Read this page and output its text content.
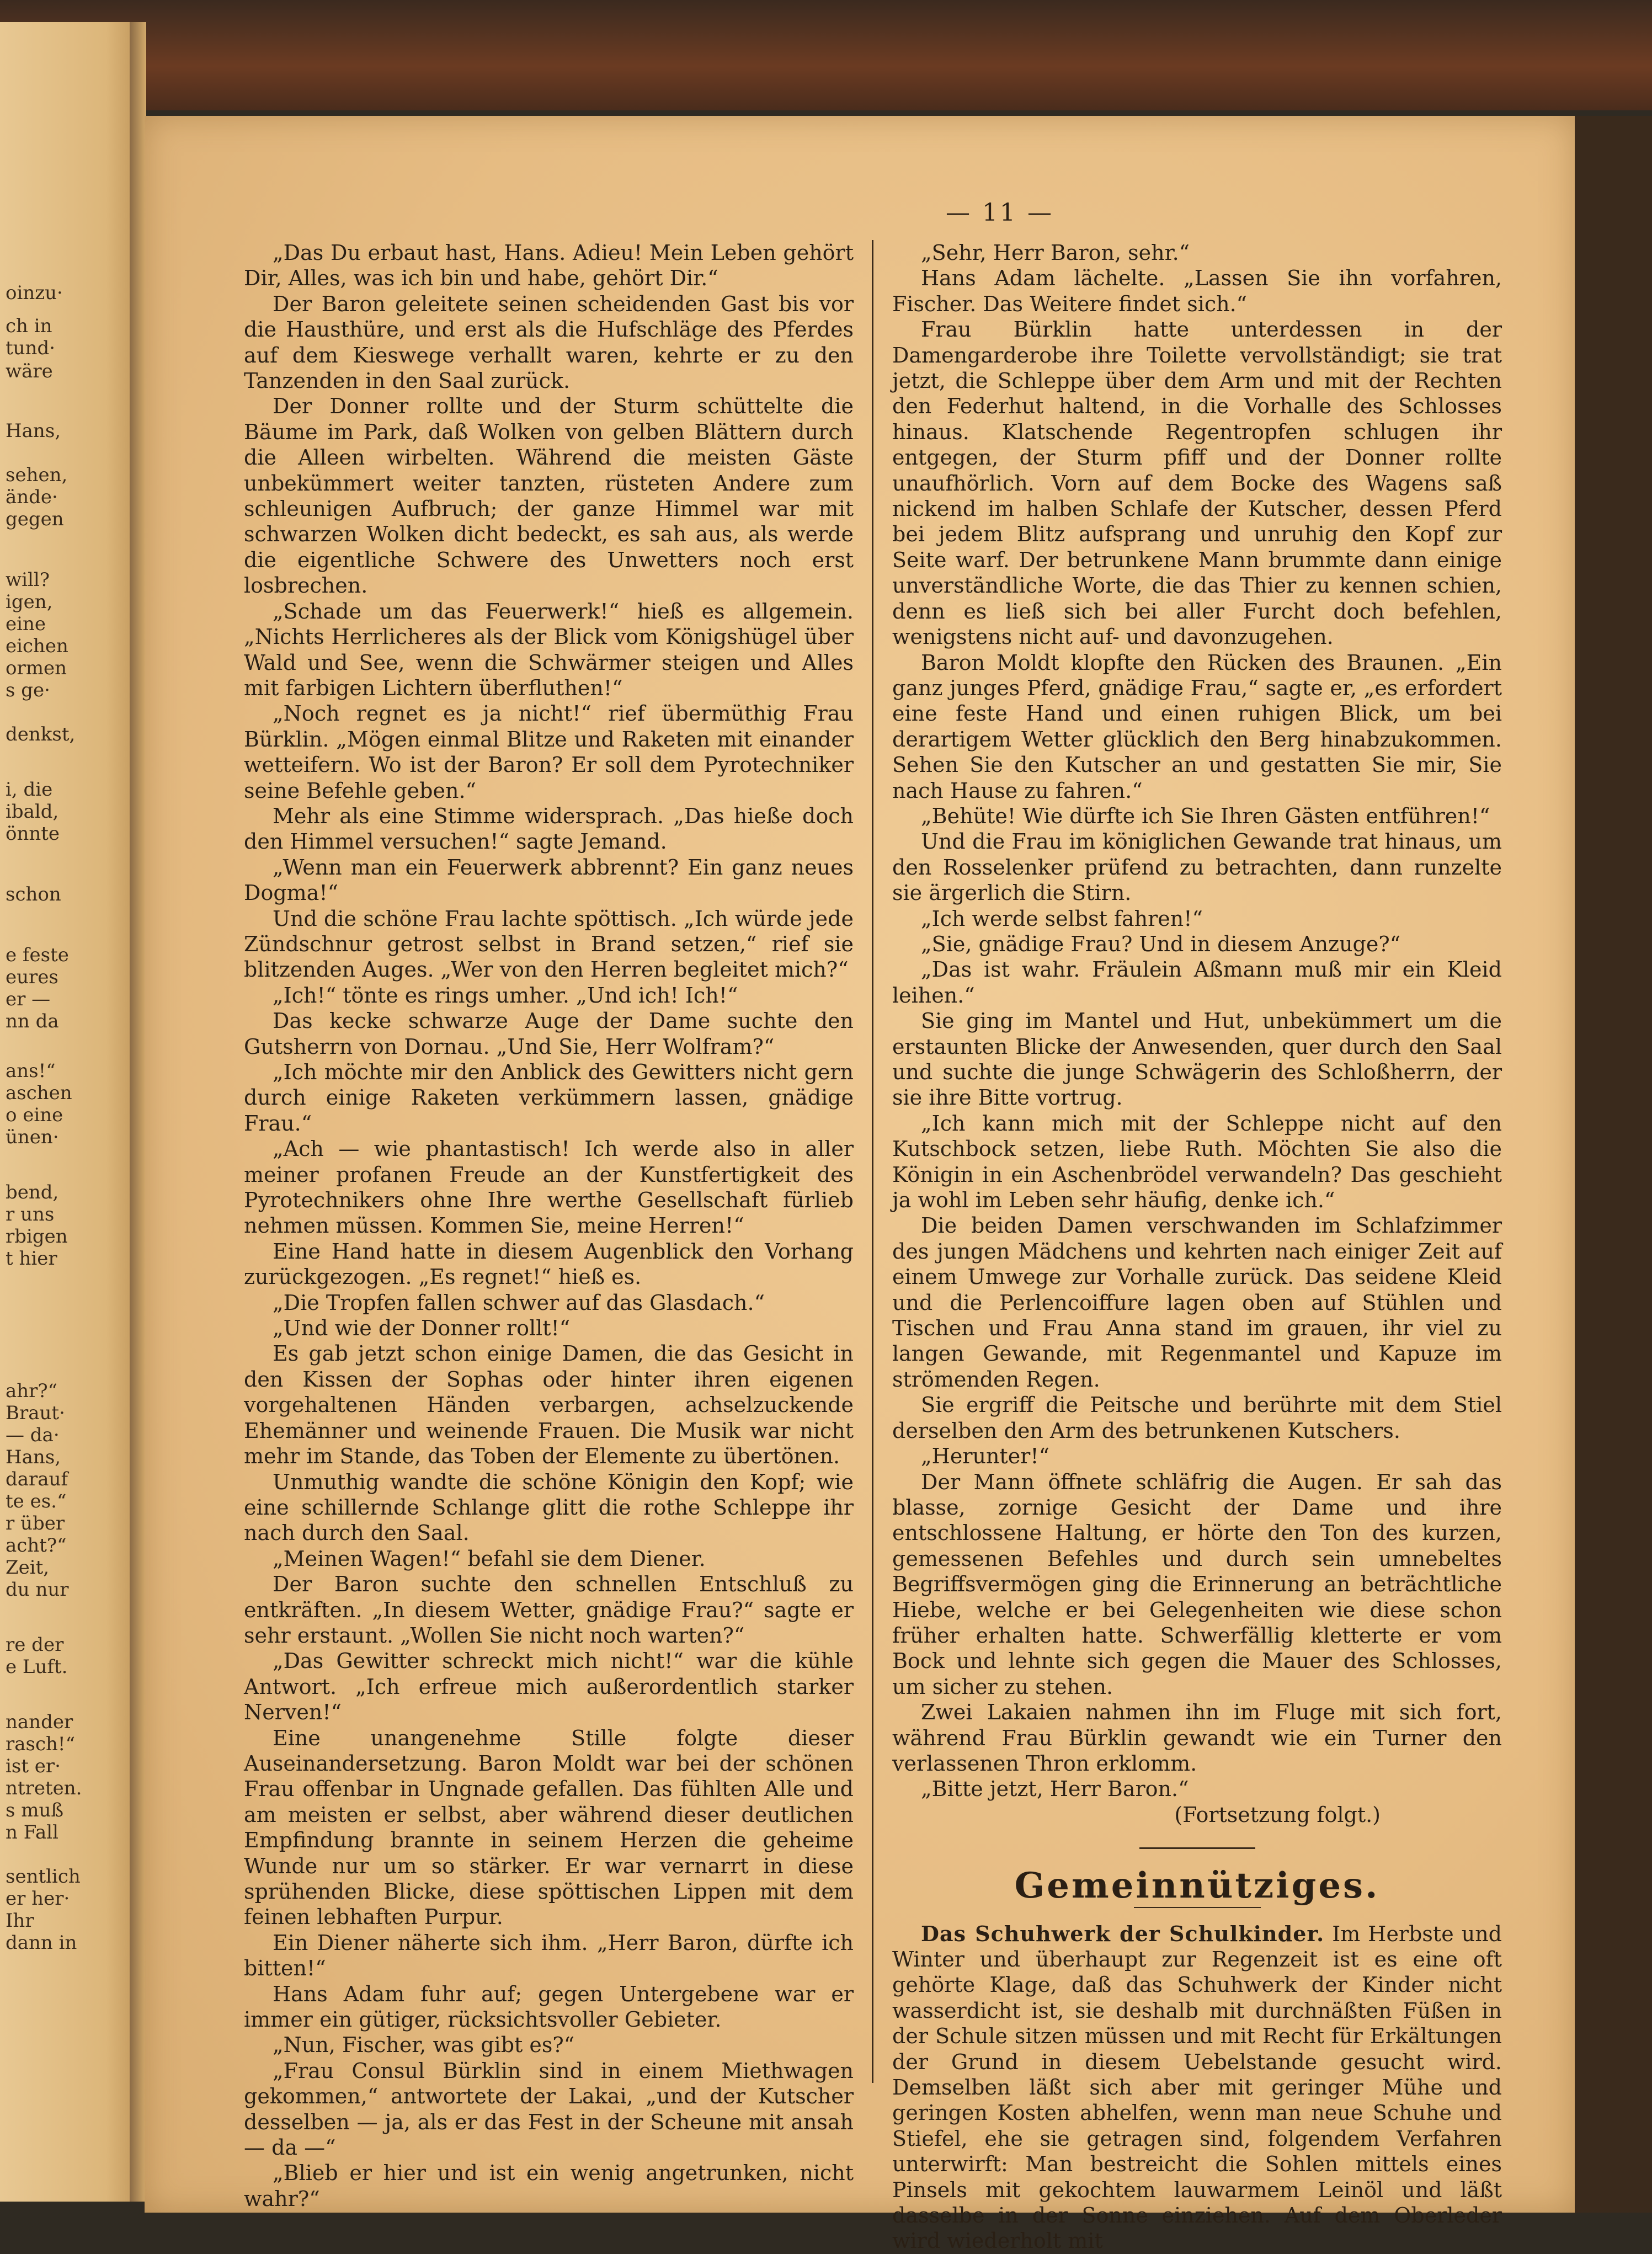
oinzu·
ch in
tund·
wäre
Hans,
sehen,
ände·
gegen
will?
igen,
eine
eichen
ormen
s ge·
denkst,
i, die
ibald,
önnte
schon
e feste
eures
er —
nn da
ans!“
aschen
o eine
ünen·
bend,
r uns
rbigen
t hier
ahr?“
Braut·
— da·
Hans,
darauf
te es.“
r über
acht?“
Zeit,
du nur
re der
e Luft.
nander
rasch!“
ist er·
ntreten.
s muß
n Fall
sentlich
er her·
Ihr
dann in
— 11 —

„Das Du erbaut hast, Hans. Adieu! Mein Leben gehört Dir, Alles, was ich bin und habe, gehört Dir.“

Der Baron geleitete seinen scheidenden Gast bis vor die Hausthüre, und erst als die Hufschläge des Pferdes auf dem Kieswege verhallt waren, kehrte er zu den Tanzenden in den Saal zurück.

Der Donner rollte und der Sturm schüttelte die Bäume im Park, daß Wolken von gelben Blättern durch die Alleen wirbelten. Während die meisten Gäste unbekümmert weiter tanzten, rüsteten Andere zum schleunigen Aufbruch; der ganze Himmel war mit schwarzen Wolken dicht bedeckt, es sah aus, als werde die eigentliche Schwere des Unwetters noch erst losbrechen.

„Schade um das Feuerwerk!“ hieß es allgemein. „Nichts Herrlicheres als der Blick vom Königshügel über Wald und See, wenn die Schwärmer steigen und Alles mit farbigen Lichtern überfluthen!“

„Noch regnet es ja nicht!“ rief übermüthig Frau Bürklin. „Mögen einmal Blitze und Raketen mit einander wetteifern. Wo ist der Baron? Er soll dem Pyrotechniker seine Befehle geben.“

Mehr als eine Stimme widersprach. „Das hieße doch den Himmel versuchen!“ sagte Jemand.

„Wenn man ein Feuerwerk abbrennt? Ein ganz neues Dogma!“

Und die schöne Frau lachte spöttisch. „Ich würde jede Zündschnur getrost selbst in Brand setzen,“ rief sie blitzenden Auges. „Wer von den Herren begleitet mich?“

„Ich!“ tönte es rings umher. „Und ich! Ich!“

Das kecke schwarze Auge der Dame suchte den Gutsherrn von Dornau. „Und Sie, Herr Wolfram?“

„Ich möchte mir den Anblick des Gewitters nicht gern durch einige Raketen verkümmern lassen, gnädige Frau.“

„Ach — wie phantastisch! Ich werde also in aller meiner profanen Freude an der Kunstfertigkeit des Pyrotechnikers ohne Ihre werthe Gesellschaft fürlieb nehmen müssen. Kommen Sie, meine Herren!“

Eine Hand hatte in diesem Augenblick den Vorhang zurückgezogen. „Es regnet!“ hieß es.

„Die Tropfen fallen schwer auf das Glasdach.“

„Und wie der Donner rollt!“

Es gab jetzt schon einige Damen, die das Gesicht in den Kissen der Sophas oder hinter ihren eigenen vorgehaltenen Händen verbargen, achselzuckende Ehemänner und weinende Frauen. Die Musik war nicht mehr im Stande, das Toben der Elemente zu übertönen.

Unmuthig wandte die schöne Königin den Kopf; wie eine schillernde Schlange glitt die rothe Schleppe ihr nach durch den Saal.

„Meinen Wagen!“ befahl sie dem Diener.

Der Baron suchte den schnellen Entschluß zu entkräften. „In diesem Wetter, gnädige Frau?“ sagte er sehr erstaunt. „Wollen Sie nicht noch warten?“

„Das Gewitter schreckt mich nicht!“ war die kühle Antwort. „Ich erfreue mich außerordentlich starker Nerven!“

Eine unangenehme Stille folgte dieser Auseinandersetzung. Baron Moldt war bei der schönen Frau offenbar in Ungnade gefallen. Das fühlten Alle und am meisten er selbst, aber während dieser deutlichen Empfindung brannte in seinem Herzen die geheime Wunde nur um so stärker. Er war vernarrt in diese sprühenden Blicke, diese spöttischen Lippen mit dem feinen lebhaften Purpur.

Ein Diener näherte sich ihm. „Herr Baron, dürfte ich bitten!“

Hans Adam fuhr auf; gegen Untergebene war er immer ein gütiger, rücksichtsvoller Gebieter.

„Nun, Fischer, was gibt es?“

„Frau Consul Bürklin sind in einem Miethwagen gekommen,“ antwortete der Lakai, „und der Kutscher desselben — ja, als er das Fest in der Scheune mit ansah — da —“

„Blieb er hier und ist ein wenig angetrunken, nicht wahr?“

„Sehr, Herr Baron, sehr.“

Hans Adam lächelte. „Lassen Sie ihn vorfahren, Fischer. Das Weitere findet sich.“

Frau Bürklin hatte unterdessen in der Damengarderobe ihre Toilette vervollständigt; sie trat jetzt, die Schleppe über dem Arm und mit der Rechten den Federhut haltend, in die Vorhalle des Schlosses hinaus. Klatschende Regentropfen schlugen ihr entgegen, der Sturm pfiff und der Donner rollte unaufhörlich. Vorn auf dem Bocke des Wagens saß nickend im halben Schlafe der Kutscher, dessen Pferd bei jedem Blitz aufsprang und unruhig den Kopf zur Seite warf. Der betrunkene Mann brummte dann einige unverständliche Worte, die das Thier zu kennen schien, denn es ließ sich bei aller Furcht doch befehlen, wenigstens nicht auf- und davonzugehen.

Baron Moldt klopfte den Rücken des Braunen. „Ein ganz junges Pferd, gnädige Frau,“ sagte er, „es erfordert eine feste Hand und einen ruhigen Blick, um bei derartigem Wetter glücklich den Berg hinabzukommen. Sehen Sie den Kutscher an und gestatten Sie mir, Sie nach Hause zu fahren.“

„Behüte! Wie dürfte ich Sie Ihren Gästen entführen!“

Und die Frau im königlichen Gewande trat hinaus, um den Rosselenker prüfend zu betrachten, dann runzelte sie ärgerlich die Stirn.

„Ich werde selbst fahren!“

„Sie, gnädige Frau? Und in diesem Anzuge?“

„Das ist wahr. Fräulein Aßmann muß mir ein Kleid leihen.“

Sie ging im Mantel und Hut, unbekümmert um die erstaunten Blicke der Anwesenden, quer durch den Saal und suchte die junge Schwägerin des Schloßherrn, der sie ihre Bitte vortrug.

„Ich kann mich mit der Schleppe nicht auf den Kutschbock setzen, liebe Ruth. Möchten Sie also die Königin in ein Aschenbrödel verwandeln? Das geschieht ja wohl im Leben sehr häufig, denke ich.“

Die beiden Damen verschwanden im Schlafzimmer des jungen Mädchens und kehrten nach einiger Zeit auf einem Umwege zur Vorhalle zurück. Das seidene Kleid und die Perlencoiffure lagen oben auf Stühlen und Tischen und Frau Anna stand im grauen, ihr viel zu langen Gewande, mit Regenmantel und Kapuze im strömenden Regen.

Sie ergriff die Peitsche und berührte mit dem Stiel derselben den Arm des betrunkenen Kutschers.

„Herunter!“

Der Mann öffnete schläfrig die Augen. Er sah das blasse, zornige Gesicht der Dame und ihre entschlossene Haltung, er hörte den Ton des kurzen, gemessenen Befehles und durch sein umnebeltes Begriffsvermögen ging die Erinnerung an beträchtliche Hiebe, welche er bei Gelegenheiten wie diese schon früher erhalten hatte. Schwerfällig kletterte er vom Bock und lehnte sich gegen die Mauer des Schlosses, um sicher zu stehen.

Zwei Lakaien nahmen ihn im Fluge mit sich fort, während Frau Bürklin gewandt wie ein Turner den verlassenen Thron erklomm.

„Bitte jetzt, Herr Baron.“

(Fortsetzung folgt.)

Gemeinnütziges.

Das Schuhwerk der Schulkinder. Im Herbste und Winter und überhaupt zur Regenzeit ist es eine oft gehörte Klage, daß das Schuhwerk der Kinder nicht wasserdicht ist, sie deshalb mit durchnäßten Füßen in der Schule sitzen müssen und mit Recht für Erkältungen der Grund in diesem Uebelstande gesucht wird. Demselben läßt sich aber mit geringer Mühe und geringen Kosten abhelfen, wenn man neue Schuhe und Stiefel, ehe sie getragen sind, folgendem Verfahren unterwirft: Man bestreicht die Sohlen mittels eines Pinsels mit gekochtem lauwarmem Leinöl und läßt dasselbe in der Sonne einziehen. Auf dem Oberleder wird wiederholt mit
